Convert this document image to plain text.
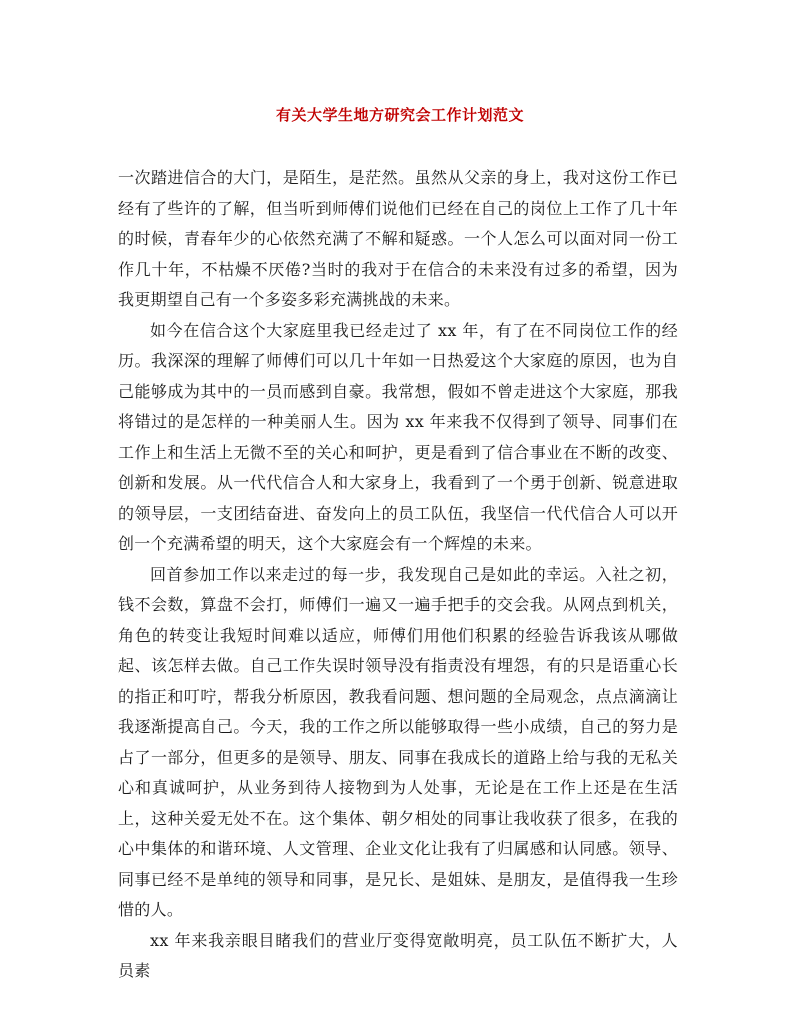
有关大学生地方研究会工作计划范文

一次踏进信合的大门，是陌生，是茫然。虽然从父亲的身上，我对这份工作已经有了些许的了解，但当听到师傅们说他们已经在自己的岗位上工作了几十年的时候，青春年少的心依然充满了不解和疑惑。一个人怎么可以面对同一份工作几十年，不枯燥不厌倦?当时的我对于在信合的未来没有过多的希望，因为我更期望自己有一个多姿多彩充满挑战的未来。

如今在信合这个大家庭里我已经走过了 xx 年，有了在不同岗位工作的经历。我深深的理解了师傅们可以几十年如一日热爱这个大家庭的原因，也为自己能够成为其中的一员而感到自豪。我常想，假如不曾走进这个大家庭，那我将错过的是怎样的一种美丽人生。因为 xx 年来我不仅得到了领导、同事们在工作上和生活上无微不至的关心和呵护，更是看到了信合事业在不断的改变、创新和发展。从一代代信合人和大家身上，我看到了一个勇于创新、锐意进取的领导层，一支团结奋进、奋发向上的员工队伍，我坚信一代代信合人可以开创一个充满希望的明天，这个大家庭会有一个辉煌的未来。

回首参加工作以来走过的每一步，我发现自己是如此的幸运。入社之初，钱不会数，算盘不会打，师傅们一遍又一遍手把手的交会我。从网点到机关，角色的转变让我短时间难以适应，师傅们用他们积累的经验告诉我该从哪做起、该怎样去做。自己工作失误时领导没有指责没有埋怨，有的只是语重心长的指正和叮咛，帮我分析原因，教我看问题、想问题的全局观念，点点滴滴让我逐渐提高自己。今天，我的工作之所以能够取得一些小成绩，自己的努力是占了一部分，但更多的是领导、朋友、同事在我成长的道路上给与我的无私关心和真诚呵护，从业务到待人接物到为人处事，无论是在工作上还是在生活上，这种关爱无处不在。这个集体、朝夕相处的同事让我收获了很多，在我的心中集体的和谐环境、人文管理、企业文化让我有了归属感和认同感。领导、同事已经不是单纯的领导和同事，是兄长、是姐妹、是朋友，是值得我一生珍惜的人。

xx 年来我亲眼目睹我们的营业厅变得宽敞明亮，员工队伍不断扩大，人员素
